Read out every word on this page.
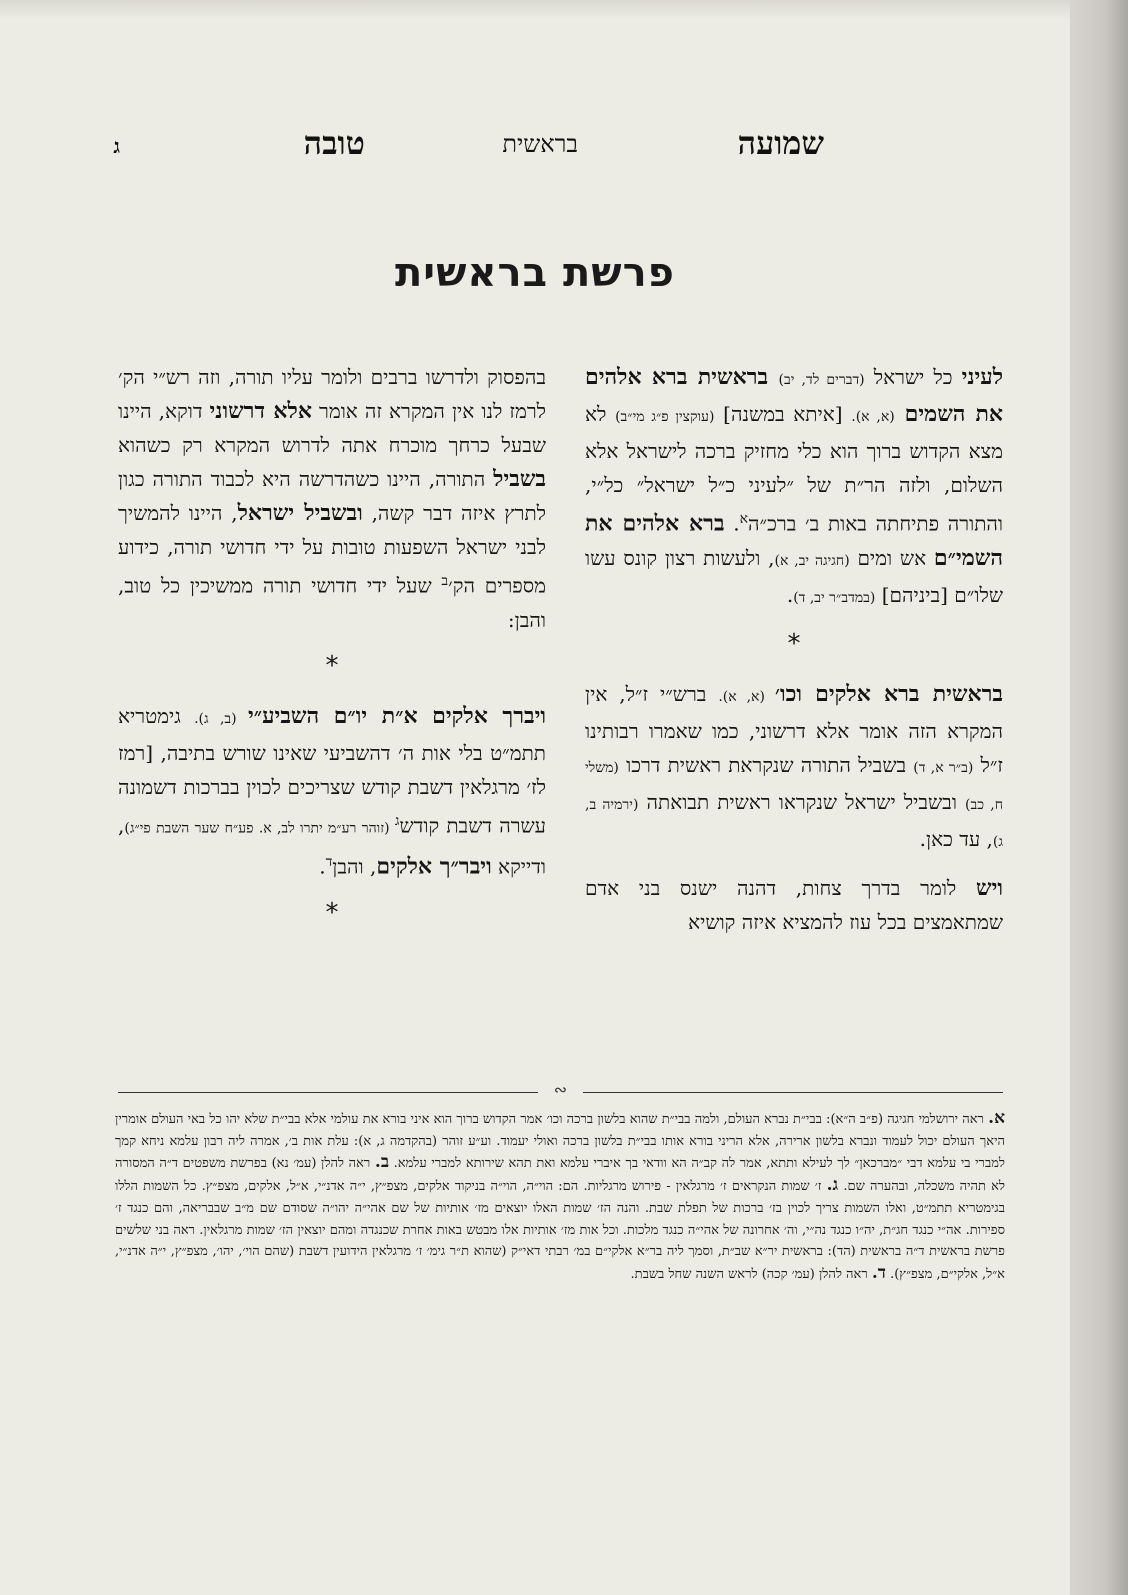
שמועה
בראשית
טובה
ג
פרשת בראשית

לעיני כל ישראל (דברים לד, יב) בראשית ברא אלהים את השמים (א, א). [איתא במשנה] (עוקצין פ״ג מי״ב) לא מצא הקדוש ברוך הוא כלי מחזיק ברכה לישראל אלא השלום, ולזה הר״ת של ״לעיני כ״ל ישראל״ כל״י, והתורה פתיחתה באות ב׳ ברכ״ה$^א$. ברא אלהים את השמי״ם אש ומים (חגיגה יב, א), ולעשות רצון קונס עשו שלו״ם [ביניהם] (במדב״ר יב, ד).

*

בראשית ברא אלקים וכו׳ (א, א). ברש״י ז״ל, אין המקרא הזה אומר אלא דרשוני, כמו שאמרו רבותינו ז״ל (ב״ר א, ד) בשביל התורה שנקראת ראשית דרכו (משלי ח, כב) ובשביל ישראל שנקראו ראשית תבואתה (ירמיה ב, ג), עד כאן.

ויש לומר בדרך צחות, דהנה ישנס בני אדם שמתאמצים בכל עוז להמציא איזה קושיא

בהפסוק ולדרשו ברבים ולומר עליו תורה, וזה רש״י הק׳ לרמז לנו אין המקרא זה אומר אלא דרשוני דוקא, היינו שבעל כרחך מוכרח אתה לדרוש המקרא רק כשהוא בשביל התורה, היינו כשהדרשה היא לכבוד התורה כגון לתרץ איזה דבר קשה, ובשביל ישראל, היינו להמשיך לבני ישראל השפעות טובות על ידי חדושי תורה, כידוע מספרים הק׳$^ב$ שעל ידי חדושי תורה ממשיכין כל טוב, והבן:

*

ויברך אלקים א״ת יו״ם השביע״י (ב, ג). גימטריא תתמ״ט בלי אות ה׳ דהשביעי שאינו שורש בתיבה, [רמז לז׳ מרגלאין דשבת קודש שצריכים לכוין בברכות דשמונה עשרה דשבת קודש$^ג$ (זוהר רע״מ יתרו לב, א. פע״ח שער השבת פי״ג), ודייקא ויבר״ך אלקים, והבן$^ד$.

*
∾

א. ראה ירושלמי חגיגה (פ״ב ה״א): בבי״ת נברא העולם, ולמה בבי״ת שהוא בלשון ברכה וכו׳ אמר הקדוש ברוך הוא איני בורא את עולמי אלא בבי״ת שלא יהו כל באי העולם אומרין היאך העולם יכול לעמוד ונברא בלשון ארירה, אלא הריני בורא אותו בבי״ת בלשון ברכה ואולי יעמוד. וע״ע זוהר (בהקדמה ג, א): עלת אות ב׳, אמרה ליה רבון עלמא ניחא קמך למברי בי עלמא דבי ״מברכאן״ לך לעילא ותתא, אמר לה קב״ה הא וודאי בך איברי עלמא ואת תהא שירותא למברי עלמא. ב. ראה להלן (עמ׳ נא) בפרשת משפטים ד״ה המסורה לא תהיה משכלה, ובהערה שם. ג. ז׳ שמות הנקראים ז׳ מרגלאין - פירוש מרגליות. הם: הוי״ה, הוי״ה בניקוד אלקים, מצפ״ץ, י״ה אדנ״י, א״ל, אלקים, מצפ״ץ. כל השמות הללו בגימטריא תתמ״ט, ואלו השמות צריך לכוין בז׳ ברכות של תפלת שבת. והנה הז׳ שמות האלו יוצאים מז׳ אותיות של שם אהי״ה יהו״ה שסודם שם מ״ב שבבריאה, והם כנגד ז׳ ספירות. אה״י כנגד חג״ת, יה״ו כנגד נה״י, וה׳ אחרונה של אהי״ה כנגד מלכות. וכל אות מז׳ אותיות אלו מבטש באות אחרת שכנגדה ומהם יוצאין הז׳ שמות מרגלאין. ראה בני שלשים פרשת בראשית ד״ה בראשית (הד): בראשית יר״א שב״ת, וסמך ליה בר״א אלקי״ם במ׳ רבתי דאי״ק (שהוא ת״ר גימ׳ ז׳ מרגלאין הידועין דשבת (שהם הוי׳, יהו׳, מצפ״ץ, י״ה אדנ״י, א״ל, אלקי״ם, מצפ״ץ). ד. ראה להלן (עמ׳ קכה) לראש השנה שחל בשבת.
